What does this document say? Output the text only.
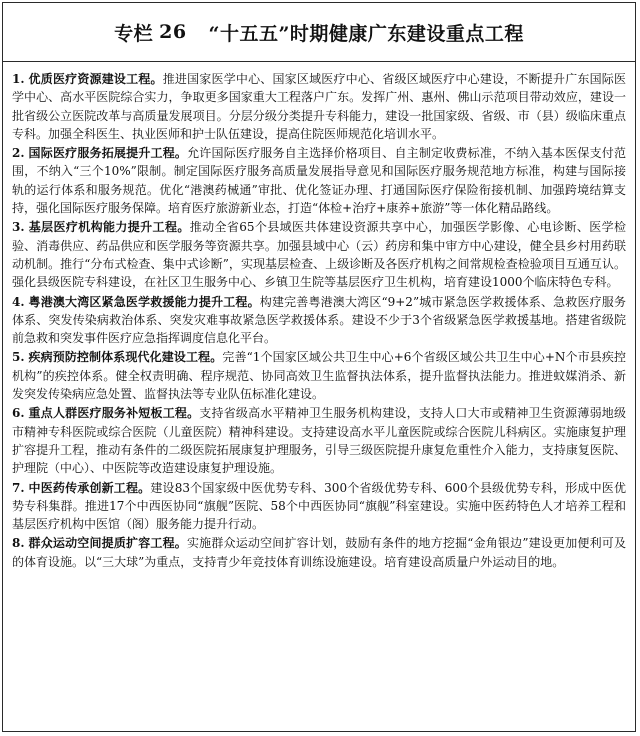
专栏 26 “十五五”时期健康广东建设重点工程

1. 优质医疗资源建设工程。推进国家医学中心、国家区域医疗中心、省级区域医疗中心建设，不断提升广东国际医学中心、高水平医院综合实力，争取更多国家重大工程落户广东。发挥广州、惠州、佛山示范项目带动效应，建设一批省级公立医院改革与高质量发展项目。分层分级分类提升专科能力，建设一批国家级、省级、市（县）级临床重点专科。加强全科医生、执业医师和护士队伍建设，提高住院医师规范化培训水平。

2. 国际医疗服务拓展提升工程。允许国际医疗服务自主选择价格项目、自主制定收费标准，不纳入基本医保支付范围，不纳入“三个10%”限制。制定国际医疗服务高质量发展指导意见和国际医疗服务规范地方标准，构建与国际接轨的运行体系和服务规范。优化“港澳药械通”审批、优化签证办理、打通国际医疗保险衔接机制、加强跨境结算支持，强化国际医疗服务保障。培育医疗旅游新业态，打造“体检+治疗+康养+旅游”等一体化精品路线。

3. 基层医疗机构能力提升工程。推动全省65个县域医共体建设资源共享中心，加强医学影像、心电诊断、医学检验、消毒供应、药品供应和医学服务等资源共享。加强县域中心（云）药房和集中审方中心建设，健全县乡村用药联动机制。推行“分布式检查、集中式诊断”，实现基层检查、上级诊断及各医疗机构之间常规检查检验项目互通互认。强化县级医院专科建设，在社区卫生服务中心、乡镇卫生院等基层医疗卫生机构，培育建设1000个临床特色专科。

4. 粤港澳大湾区紧急医学救援能力提升工程。构建完善粤港澳大湾区“9+2”城市紧急医学救援体系、急救医疗服务体系、突发传染病救治体系、突发灾难事故紧急医学救援体系。建设不少于3个省级紧急医学救援基地。搭建省级院前急救和突发事件医疗应急指挥调度信息化平台。

5. 疾病预防控制体系现代化建设工程。完善“1个国家区域公共卫生中心+6个省级区域公共卫生中心+N个市县疾控机构”的疾控体系。健全权责明确、程序规范、协同高效卫生监督执法体系，提升监督执法能力。推进蚊媒消杀、新发突发传染病应急处置、监督执法等专业队伍标准化建设。

6. 重点人群医疗服务补短板工程。支持省级高水平精神卫生服务机构建设，支持人口大市或精神卫生资源薄弱地级市精神专科医院或综合医院（儿童医院）精神科建设。支持建设高水平儿童医院或综合医院儿科病区。实施康复护理扩容提升工程，推动有条件的二级医院拓展康复护理服务，引导三级医院提升康复危重性介入能力，支持康复医院、护理院（中心）、中医院等改造建设康复护理设施。

7. 中医药传承创新工程。建设83个国家级中医优势专科、300个省级优势专科、600个县级优势专科，形成中医优势专科集群。推进17个中西医协同“旗舰”医院、58个中西医协同“旗舰”科室建设。实施中医药特色人才培养工程和基层医疗机构中医馆（阁）服务能力提升行动。

8. 群众运动空间提质扩容工程。实施群众运动空间扩容计划，鼓励有条件的地方挖掘“金角银边”建设更加便利可及的体育设施。以“三大球”为重点，支持青少年竞技体育训练设施建设。培育建设高质量户外运动目的地。
